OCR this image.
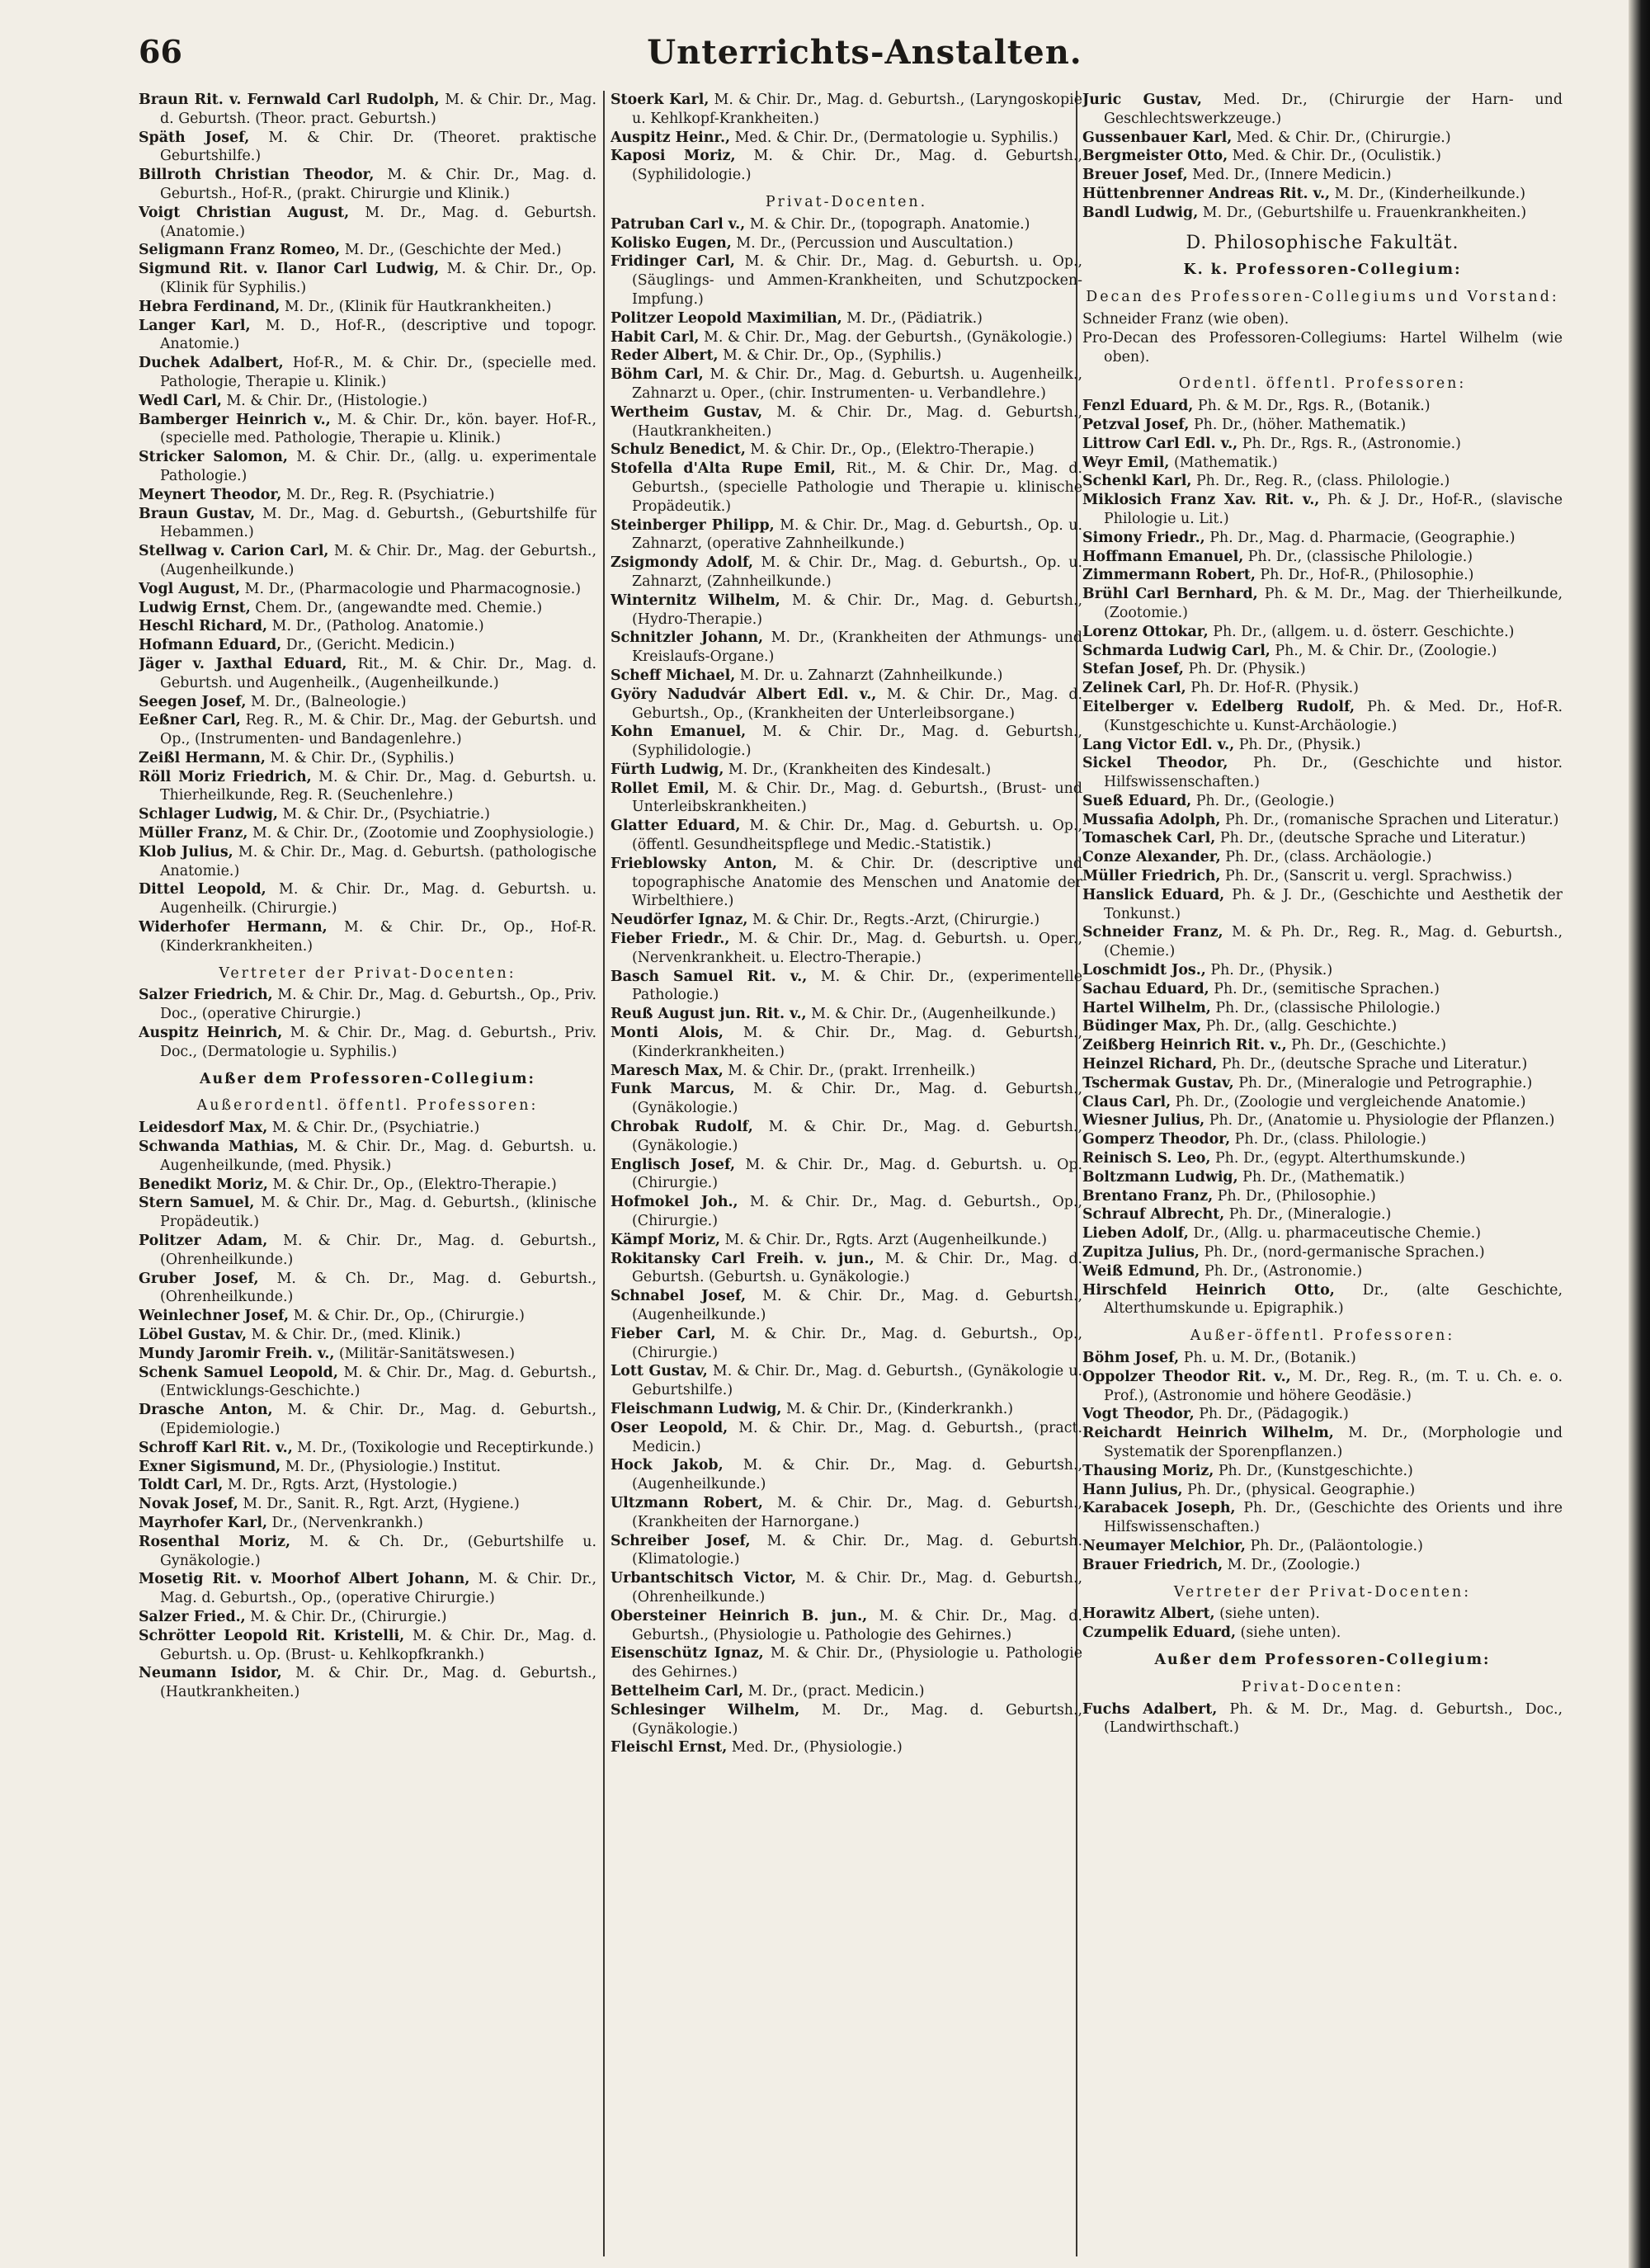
66	Unterrichts-Anstalten.

Braun Rit. v. Fernwald Carl Rudolph, M. & Chir. Dr., Mag. d. Geburtsh. (Theor. pract. Geburtsh.)

Späth Josef, M. & Chir. Dr. (Theoret. praktische Geburtshilfe.)

Billroth Christian Theodor, M. & Chir. Dr., Mag. d. Geburtsh., Hof-R., (prakt. Chirurgie und Klinik.)

Voigt Christian August, M. Dr., Mag. d. Geburtsh. (Anatomie.)

Seligmann Franz Romeo, M. Dr., (Geschichte der Med.)

Sigmund Rit. v. Ilanor Carl Ludwig, M. & Chir. Dr., Op. (Klinik für Syphilis.)

Hebra Ferdinand, M. Dr., (Klinik für Hautkrankheiten.)

Langer Karl, M. D., Hof-R., (descriptive und topogr. Anatomie.)

Duchek Adalbert, Hof-R., M. & Chir. Dr., (specielle med. Pathologie, Therapie u. Klinik.)

Wedl Carl, M. & Chir. Dr., (Histologie.)

Bamberger Heinrich v., M. & Chir. Dr., kön. bayer. Hof-R., (specielle med. Pathologie, Therapie u. Klinik.)

Stricker Salomon, M. & Chir. Dr., (allg. u. experimentale Pathologie.)

Meynert Theodor, M. Dr., Reg. R. (Psychiatrie.)

Braun Gustav, M. Dr., Mag. d. Geburtsh., (Geburtshilfe für Hebammen.)

Stellwag v. Carion Carl, M. & Chir. Dr., Mag. der Geburtsh., (Augenheilkunde.)

Vogl August, M. Dr., (Pharmacologie und Pharmacognosie.)

Ludwig Ernst, Chem. Dr., (angewandte med. Chemie.)

Heschl Richard, M. Dr., (Patholog. Anatomie.)

Hofmann Eduard, Dr., (Gericht. Medicin.)

Jäger v. Jaxthal Eduard, Rit., M. & Chir. Dr., Mag. d. Geburtsh. und Augenheilk., (Augenheilkunde.)

Seegen Josef, M. Dr., (Balneologie.)

Eeßner Carl, Reg. R., M. & Chir. Dr., Mag. der Geburtsh. und Op., (Instrumenten- und Bandagenlehre.)

Zeißl Hermann, M. & Chir. Dr., (Syphilis.)

Röll Moriz Friedrich, M. & Chir. Dr., Mag. d. Geburtsh. u. Thierheilkunde, Reg. R. (Seuchenlehre.)

Schlager Ludwig, M. & Chir. Dr., (Psychiatrie.)

Müller Franz, M. & Chir. Dr., (Zootomie und Zoophysiologie.)

Klob Julius, M. & Chir. Dr., Mag. d. Geburtsh. (pathologische Anatomie.)

Dittel Leopold, M. & Chir. Dr., Mag. d. Geburtsh. u. Augenheilk. (Chirurgie.)

Widerhofer Hermann, M. & Chir. Dr., Op., Hof-R. (Kinderkrankheiten.)

Vertreter der Privat-Docenten:

Salzer Friedrich, M. & Chir. Dr., Mag. d. Geburtsh., Op., Priv. Doc., (operative Chirurgie.)

Auspitz Heinrich, M. & Chir. Dr., Mag. d. Geburtsh., Priv. Doc., (Dermatologie u. Syphilis.)

Außer dem Professoren-Collegium:

Außerordentl. öffentl. Professoren:

Leidesdorf Max, M. & Chir. Dr., (Psychiatrie.)

Schwanda Mathias, M. & Chir. Dr., Mag. d. Geburtsh. u. Augenheilkunde, (med. Physik.)

Benedikt Moriz, M. & Chir. Dr., Op., (Elektro-Therapie.)

Stern Samuel, M. & Chir. Dr., Mag. d. Geburtsh., (klinische Propädeutik.)

Politzer Adam, M. & Chir. Dr., Mag. d. Geburtsh., (Ohrenheilkunde.)

Gruber Josef, M. & Ch. Dr., Mag. d. Geburtsh., (Ohrenheilkunde.)

Weinlechner Josef, M. & Chir. Dr., Op., (Chirurgie.)

Löbel Gustav, M. & Chir. Dr., (med. Klinik.)

Mundy Jaromir Freih. v., (Militär-Sanitätswesen.)

Schenk Samuel Leopold, M. & Chir. Dr., Mag. d. Geburtsh., (Entwicklungs-Geschichte.)

Drasche Anton, M. & Chir. Dr., Mag. d. Geburtsh., (Epidemiologie.)

Schroff Karl Rit. v., M. Dr., (Toxikologie und Receptirkunde.)

Exner Sigismund, M. Dr., (Physiologie.) Institut.

Toldt Carl, M. Dr., Rgts. Arzt, (Hystologie.)

Novak Josef, M. Dr., Sanit. R., Rgt. Arzt, (Hygiene.)

Mayrhofer Karl, Dr., (Nervenkrankh.)

Rosenthal Moriz, M. & Ch. Dr., (Geburtshilfe u. Gynäkologie.)

Mosetig Rit. v. Moorhof Albert Johann, M. & Chir. Dr., Mag. d. Geburtsh., Op., (operative Chirurgie.)

Salzer Fried., M. & Chir. Dr., (Chirurgie.)

Schrötter Leopold Rit. Kristelli, M. & Chir. Dr., Mag. d. Geburtsh. u. Op. (Brust- u. Kehlkopfkrankh.)

Neumann Isidor, M. & Chir. Dr., Mag. d. Geburtsh., (Hautkrankheiten.)

Stoerk Karl, M. & Chir. Dr., Mag. d. Geburtsh., (Laryngoskopie u. Kehlkopf-Krankheiten.)

Auspitz Heinr., Med. & Chir. Dr., (Dermatologie u. Syphilis.)

Kaposi Moriz, M. & Chir. Dr., Mag. d. Geburtsh., (Syphilidologie.)

Privat-Docenten.

Patruban Carl v., M. & Chir. Dr., (topograph. Anatomie.)

Kolisko Eugen, M. Dr., (Percussion und Auscultation.)

Fridinger Carl, M. & Chir. Dr., Mag. d. Geburtsh. u. Op., (Säuglings- und Ammen-Krankheiten, und Schutzpocken-Impfung.)

Politzer Leopold Maximilian, M. Dr., (Pädiatrik.)

Habit Carl, M. & Chir. Dr., Mag. der Geburtsh., (Gynäkologie.)

Reder Albert, M. & Chir. Dr., Op., (Syphilis.)

Böhm Carl, M. & Chir. Dr., Mag. d. Geburtsh. u. Augenheilk., Zahnarzt u. Oper., (chir. Instrumenten- u. Verbandlehre.)

Wertheim Gustav, M. & Chir. Dr., Mag. d. Geburtsh., (Hautkrankheiten.)

Schulz Benedict, M. & Chir. Dr., Op., (Elektro-Therapie.)

Stofella d'Alta Rupe Emil, Rit., M. & Chir. Dr., Mag. d. Geburtsh., (specielle Pathologie und Therapie u. klinische Propädeutik.)

Steinberger Philipp, M. & Chir. Dr., Mag. d. Geburtsh., Op. u. Zahnarzt, (operative Zahnheilkunde.)

Zsigmondy Adolf, M. & Chir. Dr., Mag. d. Geburtsh., Op. u. Zahnarzt, (Zahnheilkunde.)

Winternitz Wilhelm, M. & Chir. Dr., Mag. d. Geburtsh., (Hydro-Therapie.)

Schnitzler Johann, M. Dr., (Krankheiten der Athmungs- und Kreislaufs-Organe.)

Scheff Michael, M. Dr. u. Zahnarzt (Zahnheilkunde.)

Györy Nadudvár Albert Edl. v., M. & Chir. Dr., Mag. d. Geburtsh., Op., (Krankheiten der Unterleibsorgane.)

Kohn Emanuel, M. & Chir. Dr., Mag. d. Geburtsh., (Syphilidologie.)

Fürth Ludwig, M. Dr., (Krankheiten des Kindesalt.)

Rollet Emil, M. & Chir. Dr., Mag. d. Geburtsh., (Brust- und Unterleibskrankheiten.)

Glatter Eduard, M. & Chir. Dr., Mag. d. Geburtsh. u. Op., (öffentl. Gesundheitspflege und Medic.-Statistik.)

Frieblowsky Anton, M. & Chir. Dr. (descriptive und topographische Anatomie des Menschen und Anatomie der Wirbelthiere.)

Neudörfer Ignaz, M. & Chir. Dr., Regts.-Arzt, (Chirurgie.)

Fieber Friedr., M. & Chir. Dr., Mag. d. Geburtsh. u. Oper., (Nervenkrankheit. u. Electro-Therapie.)

Basch Samuel Rit. v., M. & Chir. Dr., (experimentelle Pathologie.)

Reuß August jun. Rit. v., M. & Chir. Dr., (Augenheilkunde.)

Monti Alois, M. & Chir. Dr., Mag. d. Geburtsh., (Kinderkrankheiten.)

Maresch Max, M. & Chir. Dr., (prakt. Irrenheilk.)

Funk Marcus, M. & Chir. Dr., Mag. d. Geburtsh., (Gynäkologie.)

Chrobak Rudolf, M. & Chir. Dr., Mag. d. Geburtsh., (Gynäkologie.)

Englisch Josef, M. & Chir. Dr., Mag. d. Geburtsh. u. Op. (Chirurgie.)

Hofmokel Joh., M. & Chir. Dr., Mag. d. Geburtsh., Op., (Chirurgie.)

Kämpf Moriz, M. & Chir. Dr., Rgts. Arzt (Augenheilkunde.)

Rokitansky Carl Freih. v. jun., M. & Chir. Dr., Mag. d. Geburtsh. (Geburtsh. u. Gynäkologie.)

Schnabel Josef, M. & Chir. Dr., Mag. d. Geburtsh., (Augenheilkunde.)

Fieber Carl, M. & Chir. Dr., Mag. d. Geburtsh., Op., (Chirurgie.)

Lott Gustav, M. & Chir. Dr., Mag. d. Geburtsh., (Gynäkologie u. Geburtshilfe.)

Fleischmann Ludwig, M. & Chir. Dr., (Kinderkrankh.)

Oser Leopold, M. & Chir. Dr., Mag. d. Geburtsh., (pract. Medicin.)

Hock Jakob, M. & Chir. Dr., Mag. d. Geburtsh., (Augenheilkunde.)

Ultzmann Robert, M. & Chir. Dr., Mag. d. Geburtsh., (Krankheiten der Harnorgane.)

Schreiber Josef, M. & Chir. Dr., Mag. d. Geburtsh. (Klimatologie.)

Urbantschitsch Victor, M. & Chir. Dr., Mag. d. Geburtsh., (Ohrenheilkunde.)

Obersteiner Heinrich B. jun., M. & Chir. Dr., Mag. d. Geburtsh., (Physiologie u. Pathologie des Gehirnes.)

Eisenschütz Ignaz, M. & Chir. Dr., (Physiologie u. Pathologie des Gehirnes.)

Bettelheim Carl, M. Dr., (pract. Medicin.)

Schlesinger Wilhelm, M. Dr., Mag. d. Geburtsh., (Gynäkologie.)

Fleischl Ernst, Med. Dr., (Physiologie.)

Juric Gustav, Med. Dr., (Chirurgie der Harn- und Geschlechtswerkzeuge.)

Gussenbauer Karl, Med. & Chir. Dr., (Chirurgie.)

Bergmeister Otto, Med. & Chir. Dr., (Oculistik.)

Breuer Josef, Med. Dr., (Innere Medicin.)

Hüttenbrenner Andreas Rit. v., M. Dr., (Kinderheilkunde.)

Bandl Ludwig, M. Dr., (Geburtshilfe u. Frauenkrankheiten.)

D. Philosophische Fakultät.

K. k. Professoren-Collegium:

Decan des Professoren-Collegiums und Vorstand:

Schneider Franz (wie oben).

Pro-Decan des Professoren-Collegiums: Hartel Wilhelm (wie oben).

Ordentl. öffentl. Professoren:

Fenzl Eduard, Ph. & M. Dr., Rgs. R., (Botanik.)

Petzval Josef, Ph. Dr., (höher. Mathematik.)

Littrow Carl Edl. v., Ph. Dr., Rgs. R., (Astronomie.)

Weyr Emil, (Mathematik.)

Schenkl Karl, Ph. Dr., Reg. R., (class. Philologie.)

Miklosich Franz Xav. Rit. v., Ph. & J. Dr., Hof-R., (slavische Philologie u. Lit.)

Simony Friedr., Ph. Dr., Mag. d. Pharmacie, (Geographie.)

Hoffmann Emanuel, Ph. Dr., (classische Philologie.)

Zimmermann Robert, Ph. Dr., Hof-R., (Philosophie.)

Brühl Carl Bernhard, Ph. & M. Dr., Mag. der Thierheilkunde, (Zootomie.)

Lorenz Ottokar, Ph. Dr., (allgem. u. d. österr. Geschichte.)

Schmarda Ludwig Carl, Ph., M. & Chir. Dr., (Zoologie.)

Stefan Josef, Ph. Dr. (Physik.)

Zelinek Carl, Ph. Dr. Hof-R. (Physik.)

Eitelberger v. Edelberg Rudolf, Ph. & Med. Dr., Hof-R. (Kunstgeschichte u. Kunst-Archäologie.)

Lang Victor Edl. v., Ph. Dr., (Physik.)

Sickel Theodor, Ph. Dr., (Geschichte und histor. Hilfswissenschaften.)

Sueß Eduard, Ph. Dr., (Geologie.)

Mussafia Adolph, Ph. Dr., (romanische Sprachen und Literatur.)

Tomaschek Carl, Ph. Dr., (deutsche Sprache und Literatur.)

Conze Alexander, Ph. Dr., (class. Archäologie.)

Müller Friedrich, Ph. Dr., (Sanscrit u. vergl. Sprachwiss.)

Hanslick Eduard, Ph. & J. Dr., (Geschichte und Aesthetik der Tonkunst.)

Schneider Franz, M. & Ph. Dr., Reg. R., Mag. d. Geburtsh., (Chemie.)

Loschmidt Jos., Ph. Dr., (Physik.)

Sachau Eduard, Ph. Dr., (semitische Sprachen.)

Hartel Wilhelm, Ph. Dr., (classische Philologie.)

Büdinger Max, Ph. Dr., (allg. Geschichte.)

Zeißberg Heinrich Rit. v., Ph. Dr., (Geschichte.)

Heinzel Richard, Ph. Dr., (deutsche Sprache und Literatur.)

Tschermak Gustav, Ph. Dr., (Mineralogie und Petrographie.)

Claus Carl, Ph. Dr., (Zoologie und vergleichende Anatomie.)

Wiesner Julius, Ph. Dr., (Anatomie u. Physiologie der Pflanzen.)

Gomperz Theodor, Ph. Dr., (class. Philologie.)

Reinisch S. Leo, Ph. Dr., (egypt. Alterthumskunde.)

Boltzmann Ludwig, Ph. Dr., (Mathematik.)

Brentano Franz, Ph. Dr., (Philosophie.)

Schrauf Albrecht, Ph. Dr., (Mineralogie.)

Lieben Adolf, Dr., (Allg. u. pharmaceutische Chemie.)

Zupitza Julius, Ph. Dr., (nord-germanische Sprachen.)

Weiß Edmund, Ph. Dr., (Astronomie.)

Hirschfeld Heinrich Otto, Dr., (alte Geschichte, Alterthumskunde u. Epigraphik.)

Außer-öffentl. Professoren:

Böhm Josef, Ph. u. M. Dr., (Botanik.)

Oppolzer Theodor Rit. v., M. Dr., Reg. R., (m. T. u. Ch. e. o. Prof.), (Astronomie und höhere Geodäsie.)

Vogt Theodor, Ph. Dr., (Pädagogik.)

Reichardt Heinrich Wilhelm, M. Dr., (Morphologie und Systematik der Sporenpflanzen.)

Thausing Moriz, Ph. Dr., (Kunstgeschichte.)

Hann Julius, Ph. Dr., (physical. Geographie.)

Karabacek Joseph, Ph. Dr., (Geschichte des Orients und ihre Hilfswissenschaften.)

Neumayer Melchior, Ph. Dr., (Paläontologie.)

Brauer Friedrich, M. Dr., (Zoologie.)

Vertreter der Privat-Docenten:

Horawitz Albert, (siehe unten).

Czumpelik Eduard, (siehe unten).

Außer dem Professoren-Collegium:

Privat-Docenten:

Fuchs Adalbert, Ph. & M. Dr., Mag. d. Geburtsh., Doc., (Landwirthschaft.)
